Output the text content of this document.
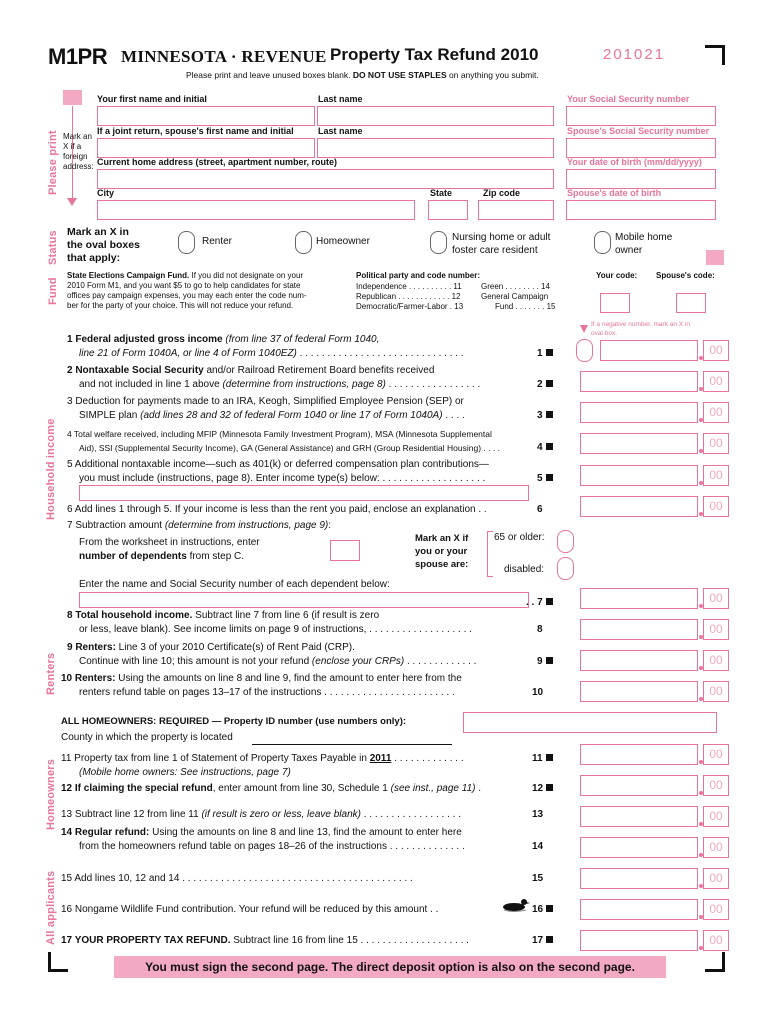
M1PR MINNESOTA · REVENUE Property Tax Refund 2010	201021
Please print and leave unused boxes blank. DO NOT USE STAPLES on anything you submit.
Please print
Status
Fund
Household income
Renters
Homeowners
All applicants
Mark an
X if a
foreign
address:
Your first name and initial	Last name	Your Social Security number
If a joint return, spouse's first name and initial	Last name	Spouse's Social Security number
Current home address (street, apartment number, route)	Your date of birth (mm/dd/yyyy)
City	State	Zip code	Spouse's date of birth
Mark an X in
the oval boxes
that apply:
Renter	Homeowner	Nursing home or adult foster care resident
Mobile home owner
State Elections Campaign Fund. If you did not designate on your
2010 Form M1, and you want $5 to go to help candidates for state
offices pay campaign expenses, you may each enter the code num-
ber for the party of your choice. This will not reduce your refund.
Political party and code number:
Independence . . . . . . . . . . 11
Republican . . . . . . . . . . . . 12
Democratic/Farmer-Labor . 13
Green . . . . . . . . 14
General Campaign
Fund . . . . . . . 15
Your code: Spouse's code:
If a negative number, mark an X in
oval box.
1 Federal adjusted gross income (from line 37 of federal Form 1040,
line 21 of Form 1040A, or line 4 of Form 1040EZ) . . . . . . . . . . . . . . . . . . . . . . . . . . . . . .	1	00
2 Nontaxable Social Security and/or Railroad Retirement Board benefits received
and not included in line 1 above (determine from instructions, page 8) . . . . . . . . . . . . . . . . .	2	00
3 Deduction for payments made to an IRA, Keogh, Simplified Employee Pension (SEP) or
SIMPLE plan (add lines 28 and 32 of federal Form 1040 or line 17 of Form 1040A) . . . .	3	00
4 Total welfare received, including MFIP (Minnesota Family Investment Program), MSA (Minnesota Supplemental
Aid), SSI (Supplemental Security Income), GA (General Assistance) and GRH (Group Residential Housing) . . . .	4	00
5 Additional nontaxable income—such as 401(k) or deferred compensation plan contributions—
you must include (instructions, page 8). Enter income type(s) below: . . . . . . . . . . . . . . . . . . .	5	00
6 Add lines 1 through 5. If your income is less than the rent you paid, enclose an explanation . .	6	00
7 Subtraction amount (determine from instructions, page 9):
From the worksheet in instructions, enter
number of dependents from step C.
Mark an X if
you or your
spouse are:
65 or older:
disabled:
Enter the name and Social Security number of each dependent below:
. . 7	00
8 Total household income. Subtract line 7 from line 6 (if result is zero
or less, leave blank). See income limits on page 9 of instructions, . . . . . . . . . . . . . . . . . . .	8	00
9 Renters: Line 3 of your 2010 Certificate(s) of Rent Paid (CRP).
Continue with line 10; this amount is not your refund (enclose your CRPs) . . . . . . . . . . . . .	9	00
10 Renters: Using the amounts on line 8 and line 9, find the amount to enter here from the
renters refund table on pages 13–17 of the instructions . . . . . . . . . . . . . . . . . . . . . . . .	10	00
ALL HOMEOWNERS: REQUIRED — Property ID number (use numbers only):
County in which the property is located
11 Property tax from line 1 of Statement of Property Taxes Payable in 2011 . . . . . . . . . . . . .
(Mobile home owners: See instructions, page 7)
11	00
12 If claiming the special refund, enter amount from line 30, Schedule 1 (see inst., page 11) .	12	00
13 Subtract line 12 from line 11 (if result is zero or less, leave blank) . . . . . . . . . . . . . . . . . .	13	00
14 Regular refund: Using the amounts on line 8 and line 13, find the amount to enter here
from the homeowners refund table on pages 18–26 of the instructions . . . . . . . . . . . . . .	14	00
15 Add lines 10, 12 and 14 . . . . . . . . . . . . . . . . . . . . . . . . . . . . . . . . . . . . . . . . . .	15	00
16 Nongame Wildlife Fund contribution. Your refund will be reduced by this amount . .	16	00
17 YOUR PROPERTY TAX REFUND. Subtract line 16 from line 15 . . . . . . . . . . . . . . . . . . . .	17	00
You must sign the second page. The direct deposit option is also on the second page.
